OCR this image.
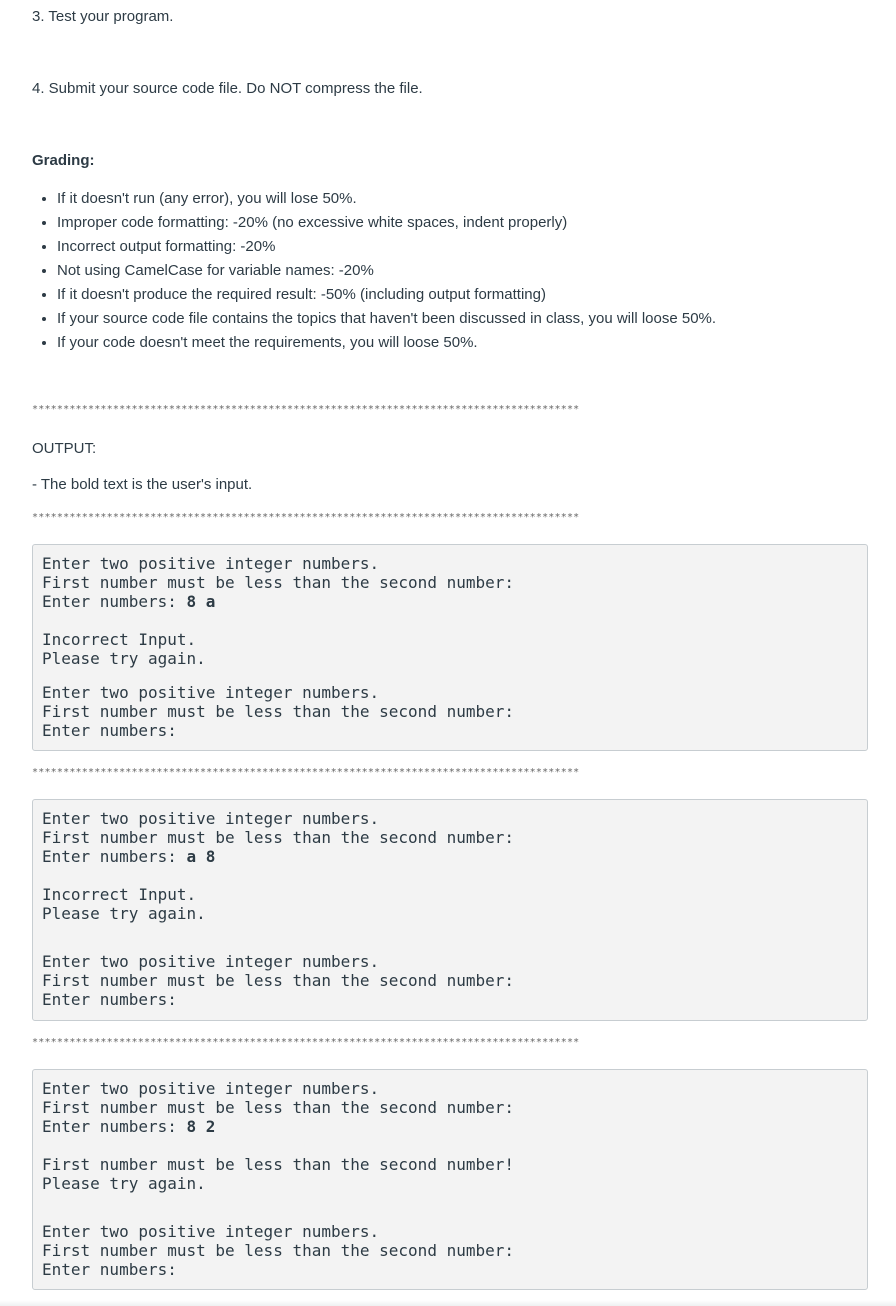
3. Test your program.

4. Submit your source code file. Do NOT compress the file.

Grading:

• If it doesn't run (any error), you will lose 50%.
• Improper code formatting: -20% (no excessive white spaces, indent properly)
• Incorrect output formatting: -20%
• Not using CamelCase for variable names: -20%
• If it doesn't produce the required result: -50% (including output formatting)
• If your source code file contains the topics that haven't been discussed in class, you will loose 50%.
• If your code doesn't meet the requirements, you will loose 50%.
****************************************************************************************

OUTPUT:

- The bold text is the user's input.

****************************************************************************************
Enter two positive integer numbers.
First number must be less than the second number:
Enter numbers: 8 a
Incorrect Input.
Please try again.
Enter two positive integer numbers.
First number must be less than the second number:
Enter numbers:
****************************************************************************************
Enter two positive integer numbers.
First number must be less than the second number:
Enter numbers: a 8
Incorrect Input.
Please try again.
Enter two positive integer numbers.
First number must be less than the second number:
Enter numbers:
****************************************************************************************
Enter two positive integer numbers.
First number must be less than the second number:
Enter numbers: 8 2
First number must be less than the second number!
Please try again.
Enter two positive integer numbers.
First number must be less than the second number:
Enter numbers:
